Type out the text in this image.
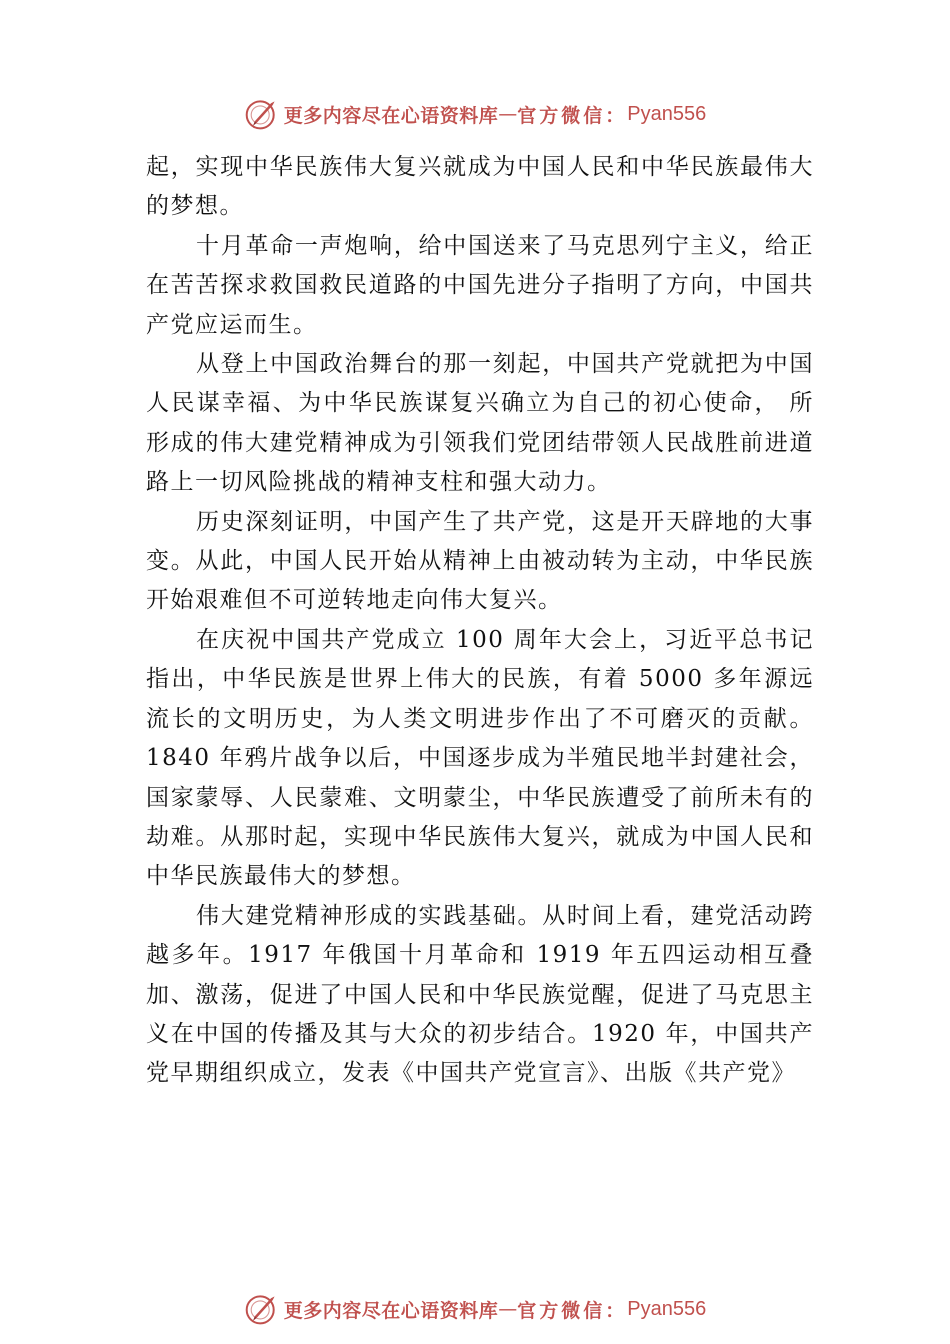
更多内容尽在心语资料库 — 官方微信： Pyan556

起，实现中华民族伟大复兴就成为中国人民和中华民族最伟大的梦想。

十月革命一声炮响，给中国送来了马克思列宁主义，给正在苦苦探求救国救民道路的中国先进分子指明了方向，中国共产党应运而生。

从登上中国政治舞台的那一刻起，中国共产党就把为中国人民谋幸福、为中华民族谋复兴确立为自己的初心使命， 所形成的伟大建党精神成为引领我们党团结带领人民战胜前进道路上一切风险挑战的精神支柱和强大动力。

历史深刻证明，中国产生了共产党，这是开天辟地的大事变。从此，中国人民开始从精神上由被动转为主动，中华民族开始艰难但不可逆转地走向伟大复兴。

在庆祝中国共产党成立 100 周年大会上，习近平总书记指出，中华民族是世界上伟大的民族，有着 5000 多年源远流长的文明历史，为人类文明进步作出了不可磨灭的贡献。1840 年鸦片战争以后，中国逐步成为半殖民地半封建社会，国家蒙辱、人民蒙难、文明蒙尘，中华民族遭受了前所未有的劫难。从那时起，实现中华民族伟大复兴，就成为中国人民和中华民族最伟大的梦想。

伟大建党精神形成的实践基础。从时间上看，建党活动跨越多年。1917 年俄国十月革命和 1919 年五四运动相互叠加、激荡，促进了中国人民和中华民族觉醒，促进了马克思主义在中国的传播及其与大众的初步结合。1920 年，中国共产党早期组织成立，发表《中国共产党宣言》、出版《共产党》

更多内容尽在心语资料库 — 官方微信： Pyan556
